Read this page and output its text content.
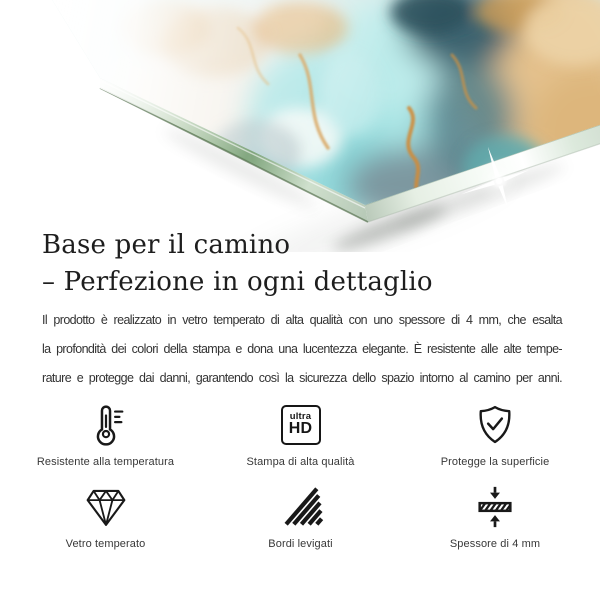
Base per il camino
– Perfezione in ogni dettaglio

Il prodotto è realizzato in vetro temperato di alta qualità con uno spessore di 4 mm, che esalta

la profondità dei colori della stampa e dona una lucentezza elegante. È resistente alle alte tempe-

rature e protegge dai danni, garantendo così la sicurezza dello spazio intorno al camino per anni.

Resistente alla temperatura
ultra
HD
Stampa di alta qualità	Protegge la superficie
Vetro temperato	Bordi levigati	Spessore di 4 mm
